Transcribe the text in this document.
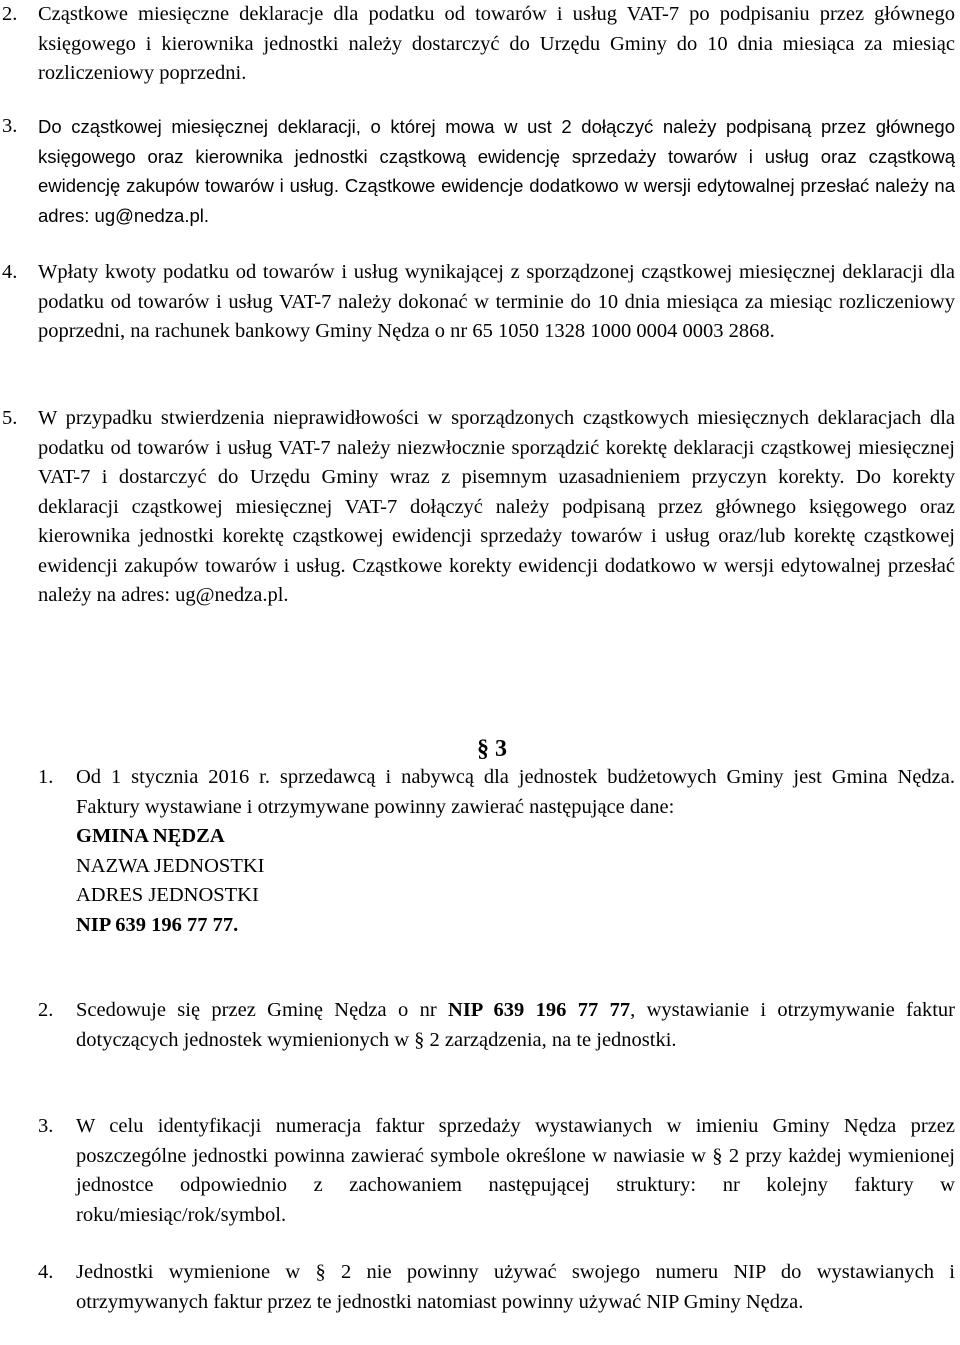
2. Cząstkowe miesięczne deklaracje dla podatku od towarów i usług VAT-7 po podpisaniu przez głównego księgowego i kierownika jednostki należy dostarczyć do Urzędu Gminy do 10 dnia miesiąca za miesiąc rozliczeniowy poprzedni.
3. Do cząstkowej miesięcznej deklaracji, o której mowa w ust 2 dołączyć należy podpisaną przez głównego księgowego oraz kierownika jednostki cząstkową ewidencję sprzedaży towarów i usług oraz cząstkową ewidencję zakupów towarów i usług. Cząstkowe ewidencje dodatkowo w wersji edytowalnej przesłać należy na adres: ug@nedza.pl.
4. Wpłaty kwoty podatku od towarów i usług wynikającej z sporządzonej cząstkowej miesięcznej deklaracji dla podatku od towarów i usług VAT-7 należy dokonać w terminie do 10 dnia miesiąca za miesiąc rozliczeniowy poprzedni, na rachunek bankowy Gminy Nędza o nr 65 1050 1328 1000 0004 0003 2868.
5. W przypadku stwierdzenia nieprawidłowości w sporządzonych cząstkowych miesięcznych deklaracjach dla podatku od towarów i usług VAT-7 należy niezwłocznie sporządzić korektę deklaracji cząstkowej miesięcznej VAT-7 i dostarczyć do Urzędu Gminy wraz z pisemnym uzasadnieniem przyczyn korekty. Do korekty deklaracji cząstkowej miesięcznej VAT-7 dołączyć należy podpisaną przez głównego księgowego oraz kierownika jednostki korektę cząstkowej ewidencji sprzedaży towarów i usług oraz/lub korektę cząstkowej ewidencji zakupów towarów i usług. Cząstkowe korekty ewidencji dodatkowo w wersji edytowalnej przesłać należy na adres: ug@nedza.pl.
§ 3
1. Od 1 stycznia 2016 r. sprzedawcą i nabywcą dla jednostek budżetowych Gminy jest Gmina Nędza. Faktury wystawiane i otrzymywane powinny zawierać następujące dane:
GMINA NĘDZA
NAZWA JEDNOSTKI
ADRES JEDNOSTKI
NIP 639 196 77 77.
2. Scedowuje się przez Gminę Nędza o nr NIP 639 196 77 77, wystawianie i otrzymywanie faktur dotyczących jednostek wymienionych w § 2 zarządzenia, na te jednostki.
3. W celu identyfikacji numeracja faktur sprzedaży wystawianych w imieniu Gminy Nędza przez poszczególne jednostki powinna zawierać symbole określone w nawiasie w § 2 przy każdej wymienionej jednostce odpowiednio z zachowaniem następującej struktury: nr kolejny faktury w roku/miesiąc/rok/symbol.
4. Jednostki wymienione w § 2 nie powinny używać swojego numeru NIP do wystawianych i otrzymywanych faktur przez te jednostki natomiast powinny używać NIP Gminy Nędza.
